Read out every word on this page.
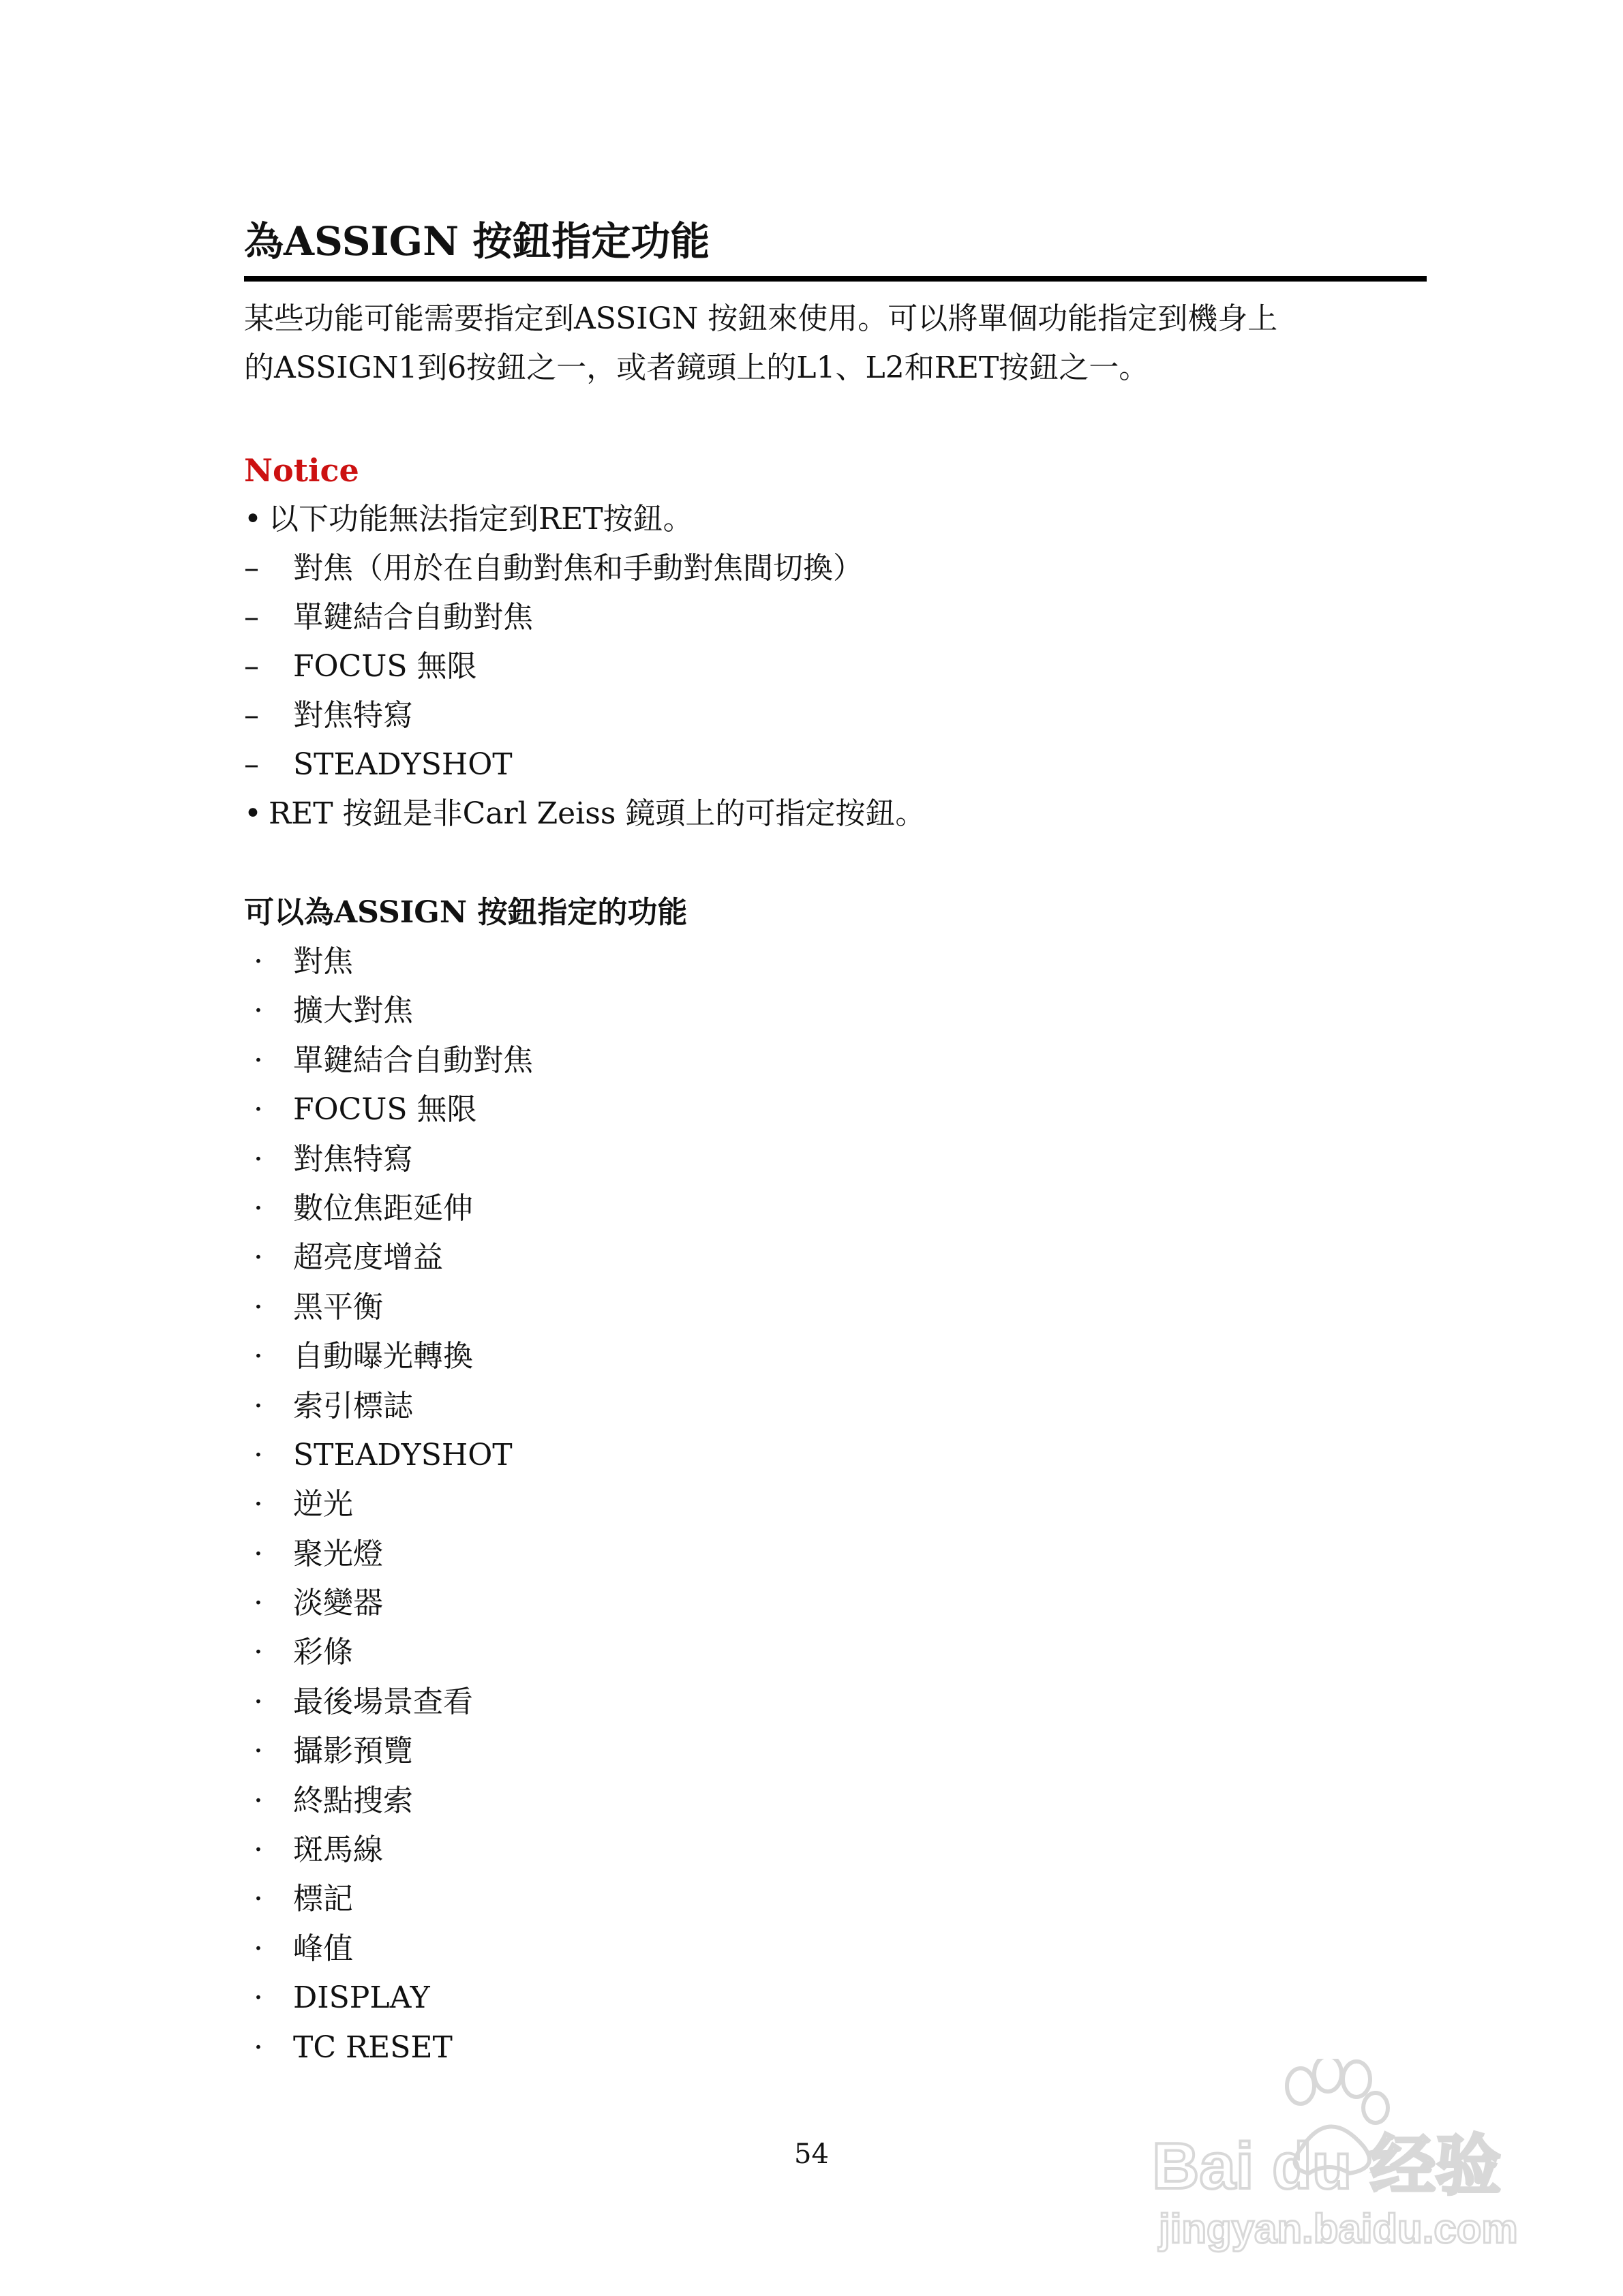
為ASSIGN 按鈕指定功能
某些功能可能需要指定到ASSIGN 按鈕來使用。可以將單個功能指定到機身上
的ASSIGN1到6按鈕之一，或者鏡頭上的L1、L2和RET按鈕之一。
Notice
• 以下功能無法指定到RET按鈕。
– 對焦（用於在自動對焦和手動對焦間切換）
– 單鍵結合自動對焦
– FOCUS 無限
– 對焦特寫
– STEADYSHOT
• RET 按鈕是非Carl Zeiss 鏡頭上的可指定按鈕。
可以為ASSIGN 按鈕指定的功能
· 對焦
· 擴大對焦
· 單鍵結合自動對焦
· FOCUS 無限
· 對焦特寫
· 數位焦距延伸
· 超亮度增益
· 黑平衡
· 自動曝光轉換
· 索引標誌
· STEADYSHOT
· 逆光
· 聚光燈
· 淡變器
· 彩條
· 最後場景查看
· 攝影預覽
· 終點搜索
· 斑馬線
· 標記
· 峰值
· DISPLAY
· TC RESET
54	Bai du 经验
jingyan.baidu.com
